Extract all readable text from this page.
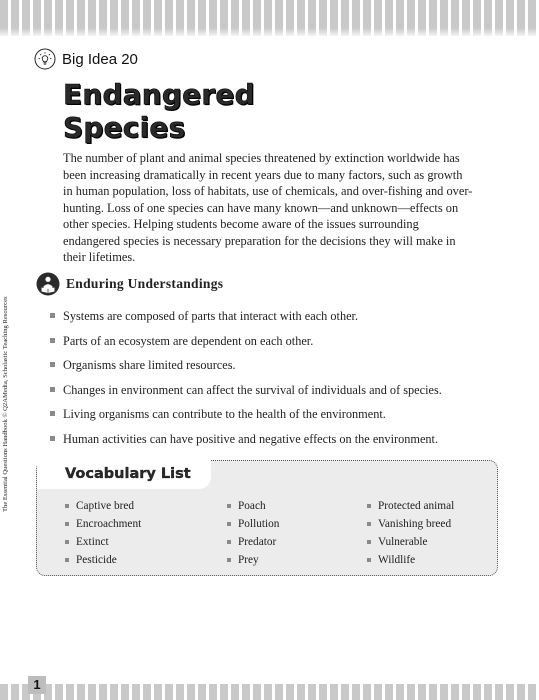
The Essential Questions Handbook © Q2AMedia, Scholastic Teaching Resources
Big Idea 20
Endangered
Species

The number of plant and animal species threatened by extinction worldwide has been increasing dramatically in recent years due to many factors, such as growth in human population, loss of habitats, use of chemicals, and over-fishing and over-hunting. Loss of one species can have many known—and unknown—effects on other species. Helping students become aware of the issues surrounding endangered species is necessary preparation for the decisions they will make in their lifetimes.

Enduring Understandings
Systems are composed of parts that interact with each other.
Parts of an ecosystem are dependent on each other.
Organisms share limited resources.
Changes in environment can affect the survival of individuals and of species.
Living organisms can contribute to the health of the environment.
Human activities can have positive and negative effects on the environment.
Vocabulary List
Captive bred
Encroachment
Extinct
Pesticide
Poach
Pollution
Predator
Prey
Protected animal
Vanishing breed
Vulnerable
Wildlife
1
